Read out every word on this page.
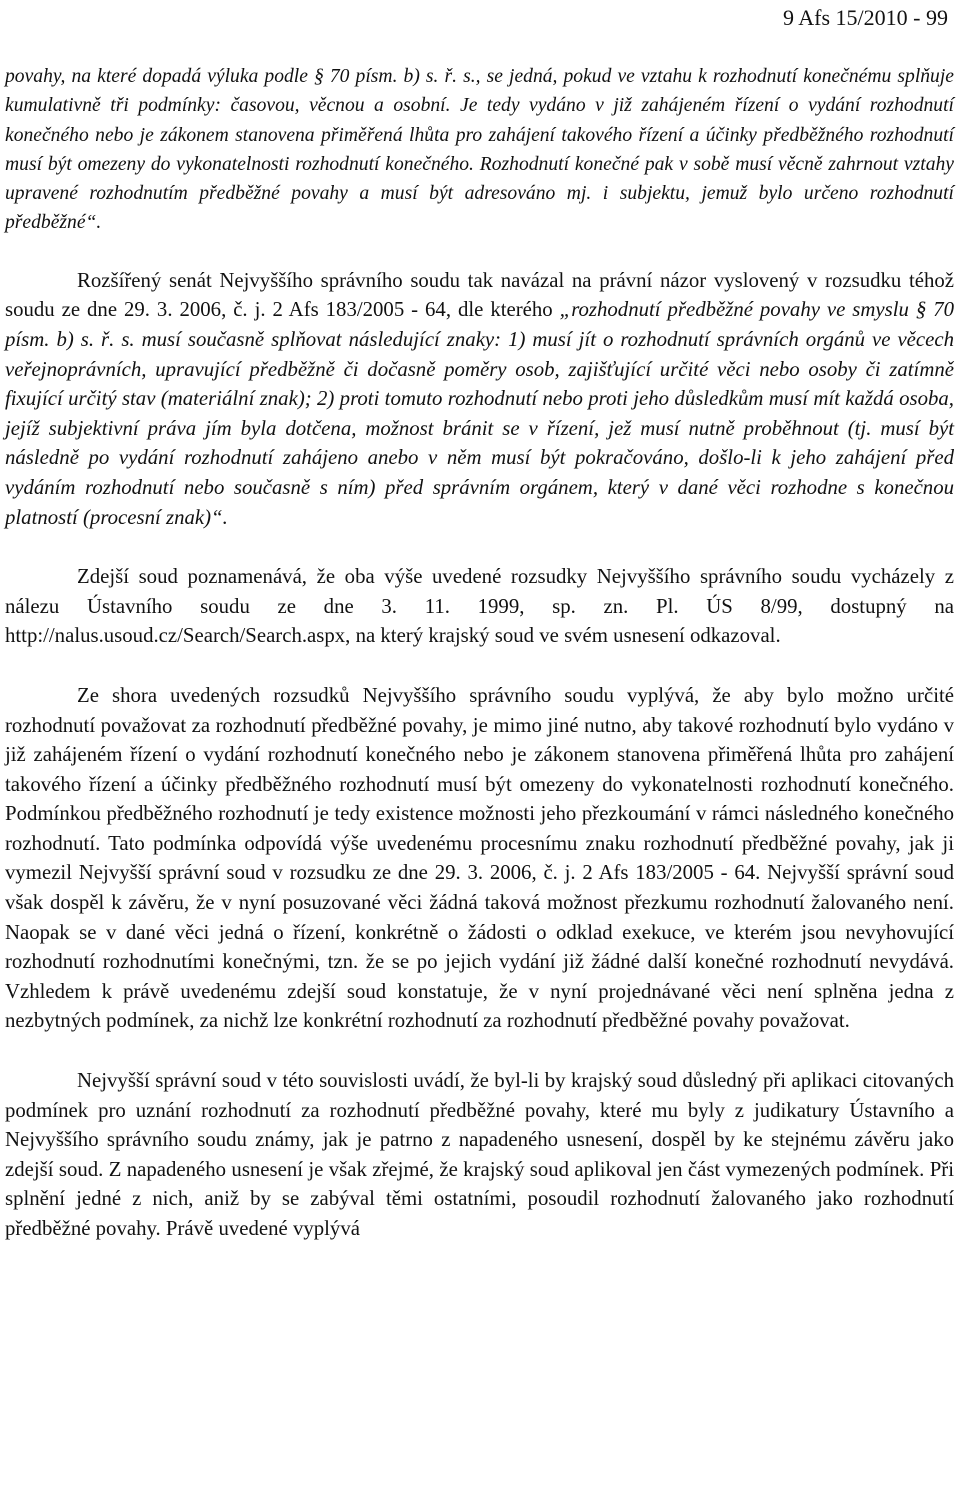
9 Afs 15/2010 - 99

povahy, na které dopadá výluka podle § 70 písm. b) s. ř. s., se jedná, pokud ve vztahu k rozhodnutí konečnému splňuje kumulativně tři podmínky: časovou, věcnou a osobní. Je tedy vydáno v již zahájeném řízení o vydání rozhodnutí konečného nebo je zákonem stanovena přiměřená lhůta pro zahájení takového řízení a účinky předběžného rozhodnutí musí být omezeny do vykonatelnosti rozhodnutí konečného. Rozhodnutí konečné pak v sobě musí věcně zahrnout vztahy upravené rozhodnutím předběžné povahy a musí být adresováno mj. i subjektu, jemuž bylo určeno rozhodnutí předběžné“.

Rozšířený senát Nejvyššího správního soudu tak navázal na právní názor vyslovený v rozsudku téhož soudu ze dne 29. 3. 2006, č. j. 2 Afs 183/2005 - 64, dle kterého „rozhodnutí předběžné povahy ve smyslu § 70 písm. b) s. ř. s. musí současně splňovat následující znaky: 1) musí jít o rozhodnutí správních orgánů ve věcech veřejnoprávních, upravující předběžně či dočasně poměry osob, zajišťující určité věci nebo osoby či zatímně fixující určitý stav (materiální znak); 2) proti tomuto rozhodnutí nebo proti jeho důsledkům musí mít každá osoba, jejíž subjektivní práva jím byla dotčena, možnost bránit se v řízení, jež musí nutně proběhnout (tj. musí být následně po vydání rozhodnutí zahájeno anebo v něm musí být pokračováno, došlo-li k jeho zahájení před vydáním rozhodnutí nebo současně s ním) před správním orgánem, který v dané věci rozhodne s konečnou platností (procesní znak)“.

Zdejší soud poznamenává, že oba výše uvedené rozsudky Nejvyššího správního soudu vycházely z nálezu Ústavního soudu ze dne 3. 11. 1999, sp. zn. Pl. ÚS 8/99, dostupný na http://nalus.usoud.cz/Search/Search.aspx, na který krajský soud ve svém usnesení odkazoval.

Ze shora uvedených rozsudků Nejvyššího správního soudu vyplývá, že aby bylo možno určité rozhodnutí považovat za rozhodnutí předběžné povahy, je mimo jiné nutno, aby takové rozhodnutí bylo vydáno v již zahájeném řízení o vydání rozhodnutí konečného nebo je zákonem stanovena přiměřená lhůta pro zahájení takového řízení a účinky předběžného rozhodnutí musí být omezeny do vykonatelnosti rozhodnutí konečného. Podmínkou předběžného rozhodnutí je tedy existence možnosti jeho přezkoumání v rámci následného konečného rozhodnutí. Tato podmínka odpovídá výše uvedenému procesnímu znaku rozhodnutí předběžné povahy, jak ji vymezil Nejvyšší správní soud v rozsudku ze dne 29. 3. 2006, č. j. 2 Afs 183/2005 - 64. Nejvyšší správní soud však dospěl k závěru, že v nyní posuzované věci žádná taková možnost přezkumu rozhodnutí žalovaného není. Naopak se v dané věci jedná o řízení, konkrétně o žádosti o odklad exekuce, ve kterém jsou nevyhovující rozhodnutí rozhodnutími konečnými, tzn. že se po jejich vydání již žádné další konečné rozhodnutí nevydává. Vzhledem k právě uvedenému zdejší soud konstatuje, že v nyní projednávané věci není splněna jedna z nezbytných podmínek, za nichž lze konkrétní rozhodnutí za rozhodnutí předběžné povahy považovat.

Nejvyšší správní soud v této souvislosti uvádí, že byl-li by krajský soud důsledný při aplikaci citovaných podmínek pro uznání rozhodnutí za rozhodnutí předběžné povahy, které mu byly z judikatury Ústavního a Nejvyššího správního soudu známy, jak je patrno z napadeného usnesení, dospěl by ke stejnému závěru jako zdejší soud. Z napadeného usnesení je však zřejmé, že krajský soud aplikoval jen část vymezených podmínek. Při splnění jedné z nich, aniž by se zabýval těmi ostatními, posoudil rozhodnutí žalovaného jako rozhodnutí předběžné povahy. Právě uvedené vyplývá
